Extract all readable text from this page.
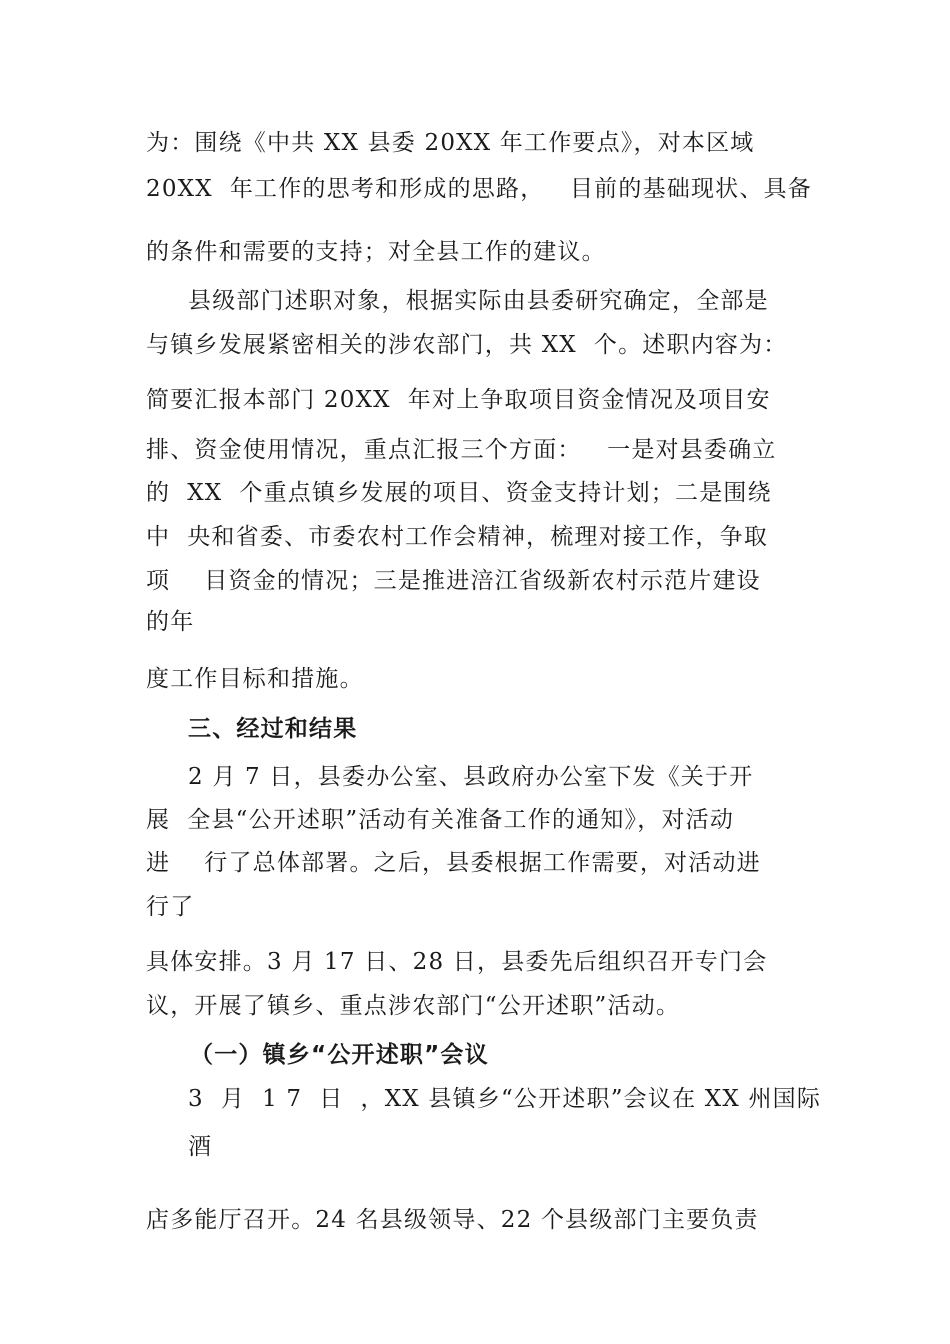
为：围绕《中共 XX 县委 20XX 年工作要点》，对本区域
20XX  年工作的思考和形成的思路，   目前的基础现状、具备
的条件和需要的支持；对全县工作的建议。
县级部门述职对象，根据实际由县委研究确定，全部是
与镇乡发展紧密相关的涉农部门，共 XX  个。述职内容为：
简要汇报本部门 20XX  年对上争取项目资金情况及项目安
排、资金使用情况，重点汇报三个方面：   一是对县委确立
的  XX  个重点镇乡发展的项目、资金支持计划；二是围绕
中  央和省委、市委农村工作会精神，梳理对接工作，争取
项    目资金的情况；三是推进涪江省级新农村示范片建设
的年
度工作目标和措施。
三、经过和结果
2 月 7 日，县委办公室、县政府办公室下发《关于开
展  全县“公开述职”活动有关准备工作的通知》，对活动
进    行了总体部署。之后，县委根据工作需要，对活动进
行了
具体安排。3 月 17 日、28 日，县委先后组织召开专门会
议，开展了镇乡、重点涉农部门“公开述职”活动。
（一）镇乡“公开述职”会议
3  月  1 7  日  ，XX 县镇乡“公开述职”会议在 XX 州国际
酒
店多能厅召开。24 名县级领导、22 个县级部门主要负责
